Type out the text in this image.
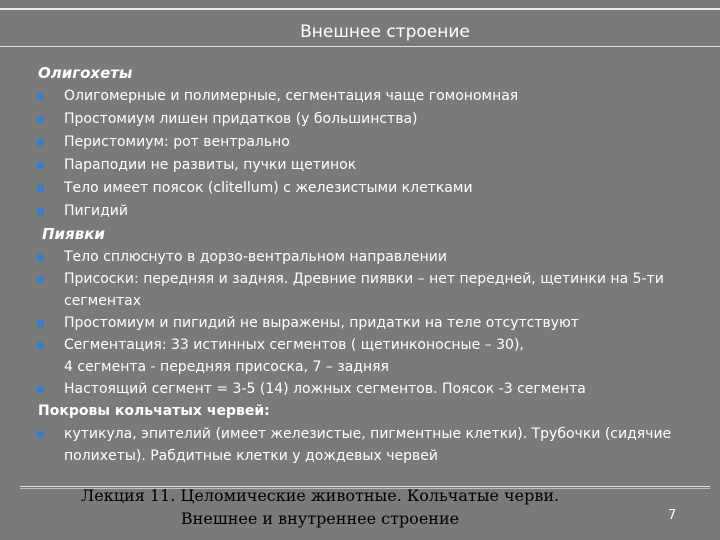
Внешнее строение
Олигохеты
Олигомерные и полимерные, сегментация чаще гомономная
Простомиум лишен придатков (у большинства)
Перистомиум: рот вентрально
Параподии не развиты, пучки щетинок
Тело имеет поясок (clitellum) с железистыми клетками
Пигидий
Пиявки
Тело сплюснуто в дорзо-вентральном направлении
Присоски: передняя и задняя. Древние пиявки – нет передней, щетинки на 5-ти
сегментах
Простомиум и пигидий не выражены, придатки на теле отсутствуют
Сегментация: 33 истинных сегментов ( щетинконосные – 30),
4 сегмента - передняя присоска, 7 – задняя
Настоящий сегмент = 3-5 (14) ложных сегментов. Поясок -3 сегмента
Покровы кольчатых червей:
кутикула, эпителий (имеет железистые, пигментные клетки). Трубочки (сидячие
полихеты). Рабдитные клетки у дождевых червей
Лекция 11. Целомические животные. Кольчатые черви.
Внешнее и внутреннее строение	7
